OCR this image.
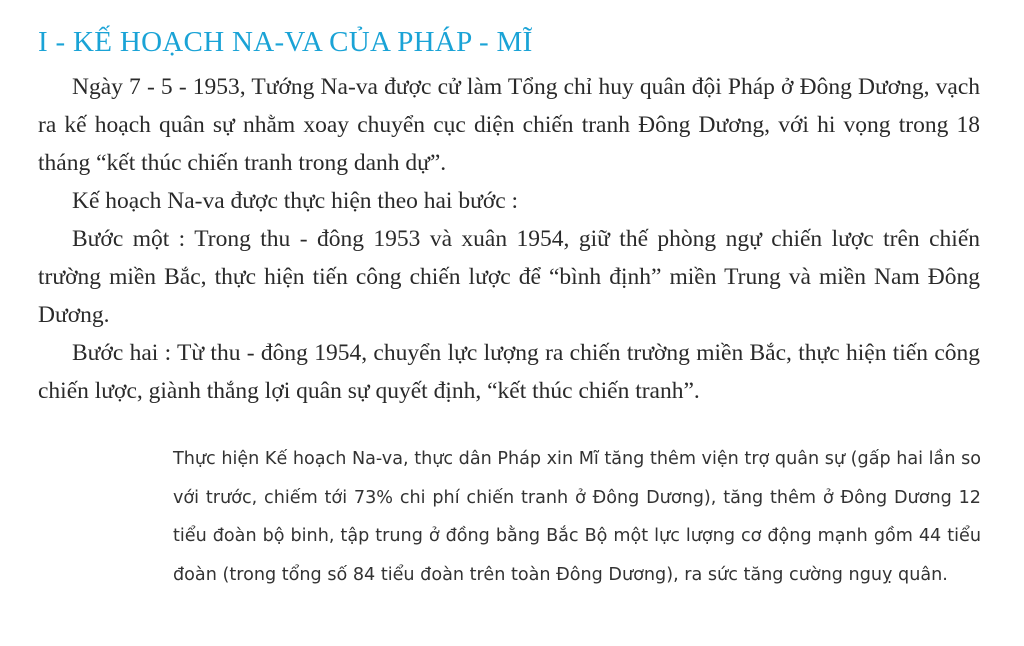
I - KẾ HOẠCH NA-VA CỦA PHÁP - MĨ

Ngày 7 - 5 - 1953, Tướng Na-va được cử làm Tổng chỉ huy quân đội Pháp ở Đông Dương, vạch ra kế hoạch quân sự nhằm xoay chuyển cục diện chiến tranh Đông Dương, với hi vọng trong 18 tháng “kết thúc chiến tranh trong danh dự”.

Kế hoạch Na-va được thực hiện theo hai bước :

Bước một : Trong thu - đông 1953 và xuân 1954, giữ thế phòng ngự chiến lược trên chiến trường miền Bắc, thực hiện tiến công chiến lược để “bình định” miền Trung và miền Nam Đông Dương.

Bước hai : Từ thu - đông 1954, chuyển lực lượng ra chiến trường miền Bắc, thực hiện tiến công chiến lược, giành thắng lợi quân sự quyết định, “kết thúc chiến tranh”.

Thực hiện Kế hoạch Na-va, thực dân Pháp xin Mĩ tăng thêm viện trợ quân sự (gấp hai lần so với trước, chiếm tới 73% chi phí chiến tranh ở Đông Dương), tăng thêm ở Đông Dương 12 tiểu đoàn bộ binh, tập trung ở đồng bằng Bắc Bộ một lực lượng cơ động mạnh gồm 44 tiểu đoàn (trong tổng số 84 tiểu đoàn trên toàn Đông Dương), ra sức tăng cường nguỵ quân.
